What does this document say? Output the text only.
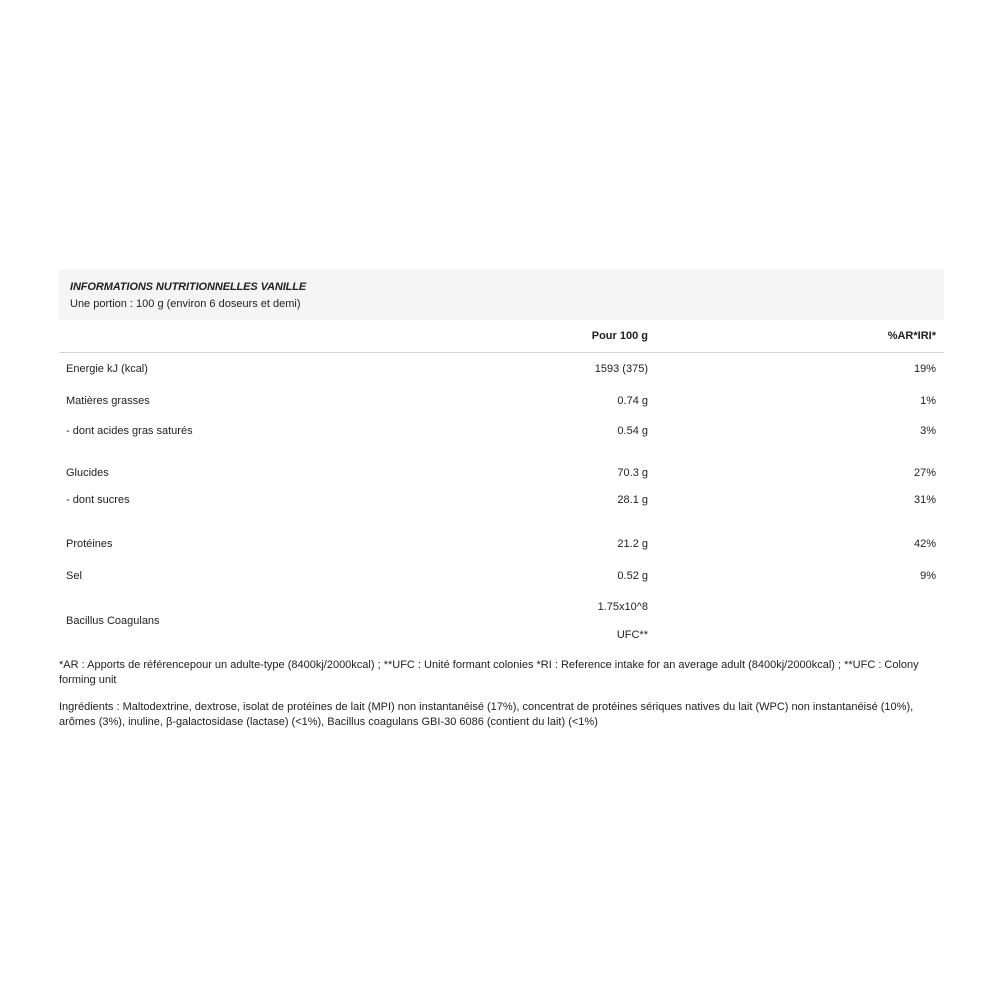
INFORMATIONS NUTRITIONNELLES VANILLE
Une portion : 100 g (environ 6 doseurs et demi)
	Pour 100 g	%AR*IRI*
Energie kJ (kcal)	1593 (375)	19%
Matières grasses	0.74 g	1%
- dont acides gras saturés	0.54 g	3%

Glucides	70.3 g	27%
- dont sucres	28.1 g	31%

Protéines	21.2 g	42%
Sel	0.52 g	9%
Bacillus Coagulans	1.75x10^8
UFC**	

*AR : Apports de référencepour un adulte-type (8400kj/2000kcal) ; **UFC : Unité formant colonies *RI : Reference intake for an average adult (8400kj/2000kcal) ; **UFC : Colony forming unit
Ingrédients : Maltodextrine, dextrose, isolat de protéines de lait (MPI) non instantanéisé (17%), concentrat de protéines sériques natives du lait (WPC) non instantanéisé (10%), arômes (3%), inuline, β-galactosidase (lactase) (<1%), Bacillus coagulans GBI-30 6086 (contient du lait) (<1%)
